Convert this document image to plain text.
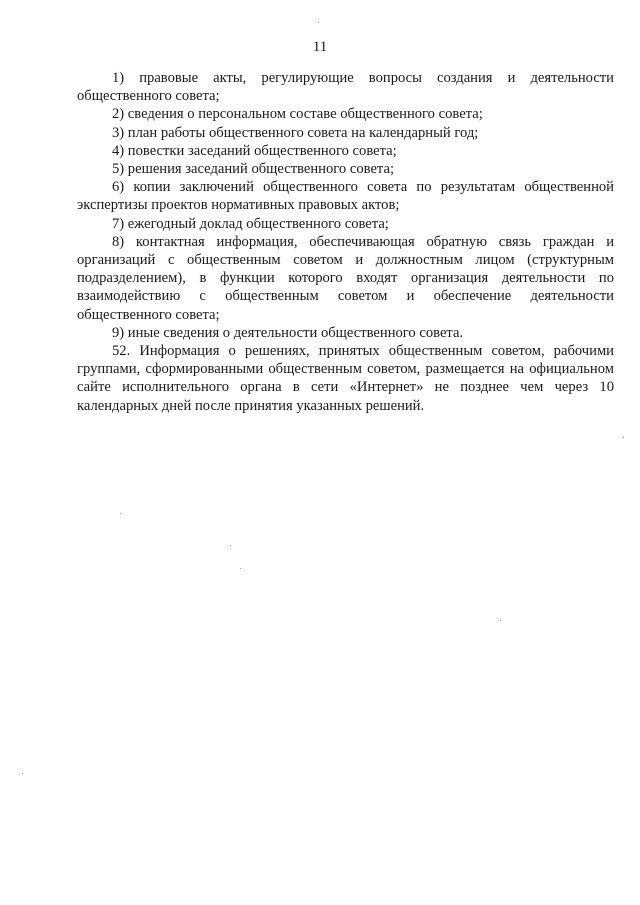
11

1) правовые акты, регулирующие вопросы создания и деятельности общественного совета;

2) сведения о персональном составе общественного совета;

3) план работы общественного совета на календарный год;

4) повестки заседаний общественного совета;

5) решения заседаний общественного совета;

6) копии заключений общественного совета по результатам общественной экспертизы проектов нормативных правовых актов;

7) ежегодный доклад общественного совета;

8) контактная информация, обеспечивающая обратную связь граждан и организаций с общественным советом и должностным лицом (структурным подразделением), в функции которого входят организация деятельности по взаимодействию с общественным советом и обеспечение деятельности общественного совета;

9) иные сведения о деятельности общественного совета.

52. Информация о решениях, принятых общественным советом, рабочими группами, сформированными общественным советом, размещается на официальном сайте исполнительного органа в сети «Интернет» не позднее чем через 10 календарных дней после принятия указанных решений.
